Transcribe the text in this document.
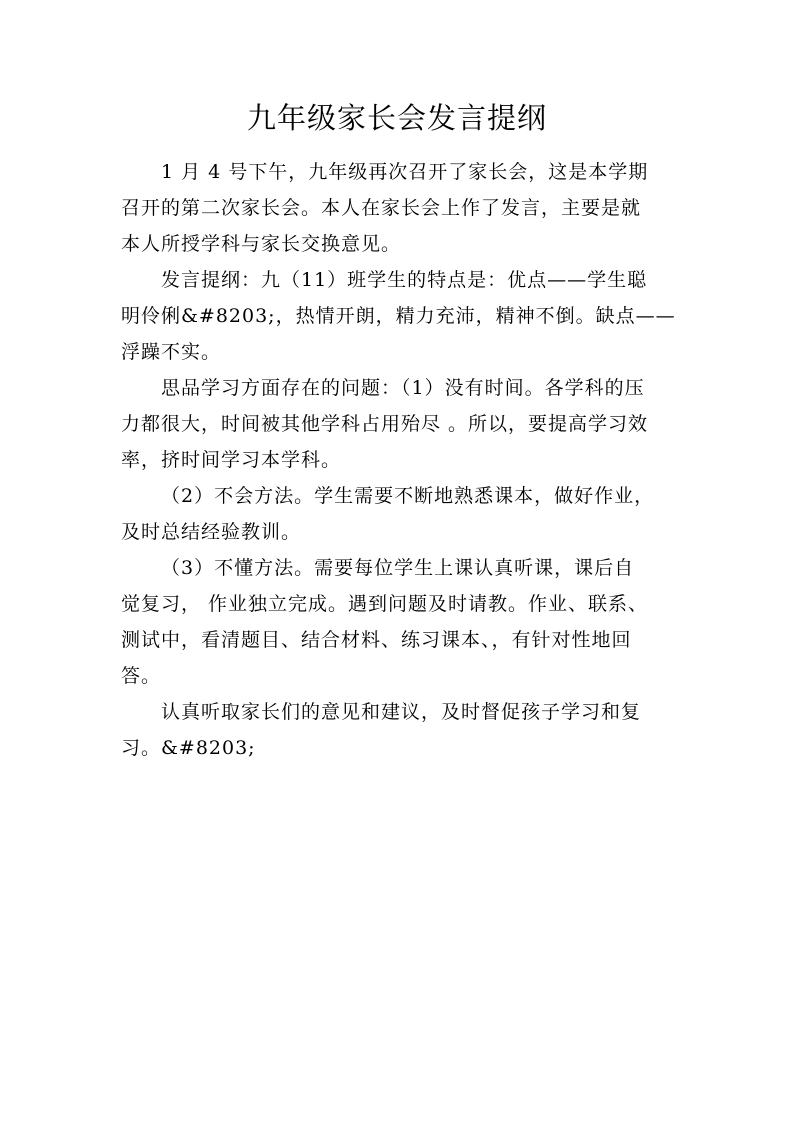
九年级家长会发言提纲
1 月 4 号下午，九年级再次召开了家长会，这是本学期
召开的第二次家长会。本人在家长会上作了发言，主要是就
本人所授学科与家长交换意见。
发言提纲：九（11）班学生的特点是：优点——学生聪
明伶俐&#8203;，热情开朗，精力充沛，精神不倒。缺点——
浮躁不实。
思品学习方面存在的问题：（1）没有时间。各学科的压
力都很大，时间被其他学科占用殆尽 。所以，要提高学习效
率，挤时间学习本学科。
（2）不会方法。学生需要不断地熟悉课本，做好作业，
及时总结经验教训。
（3）不懂方法。需要每位学生上课认真听课，课后自
觉复习， 作业独立完成。遇到问题及时请教。作业、联系、
测试中，看清题目、结合材料、练习课本、，有针对性地回
答。
认真听取家长们的意见和建议，及时督促孩子学习和复
习。&#8203;
